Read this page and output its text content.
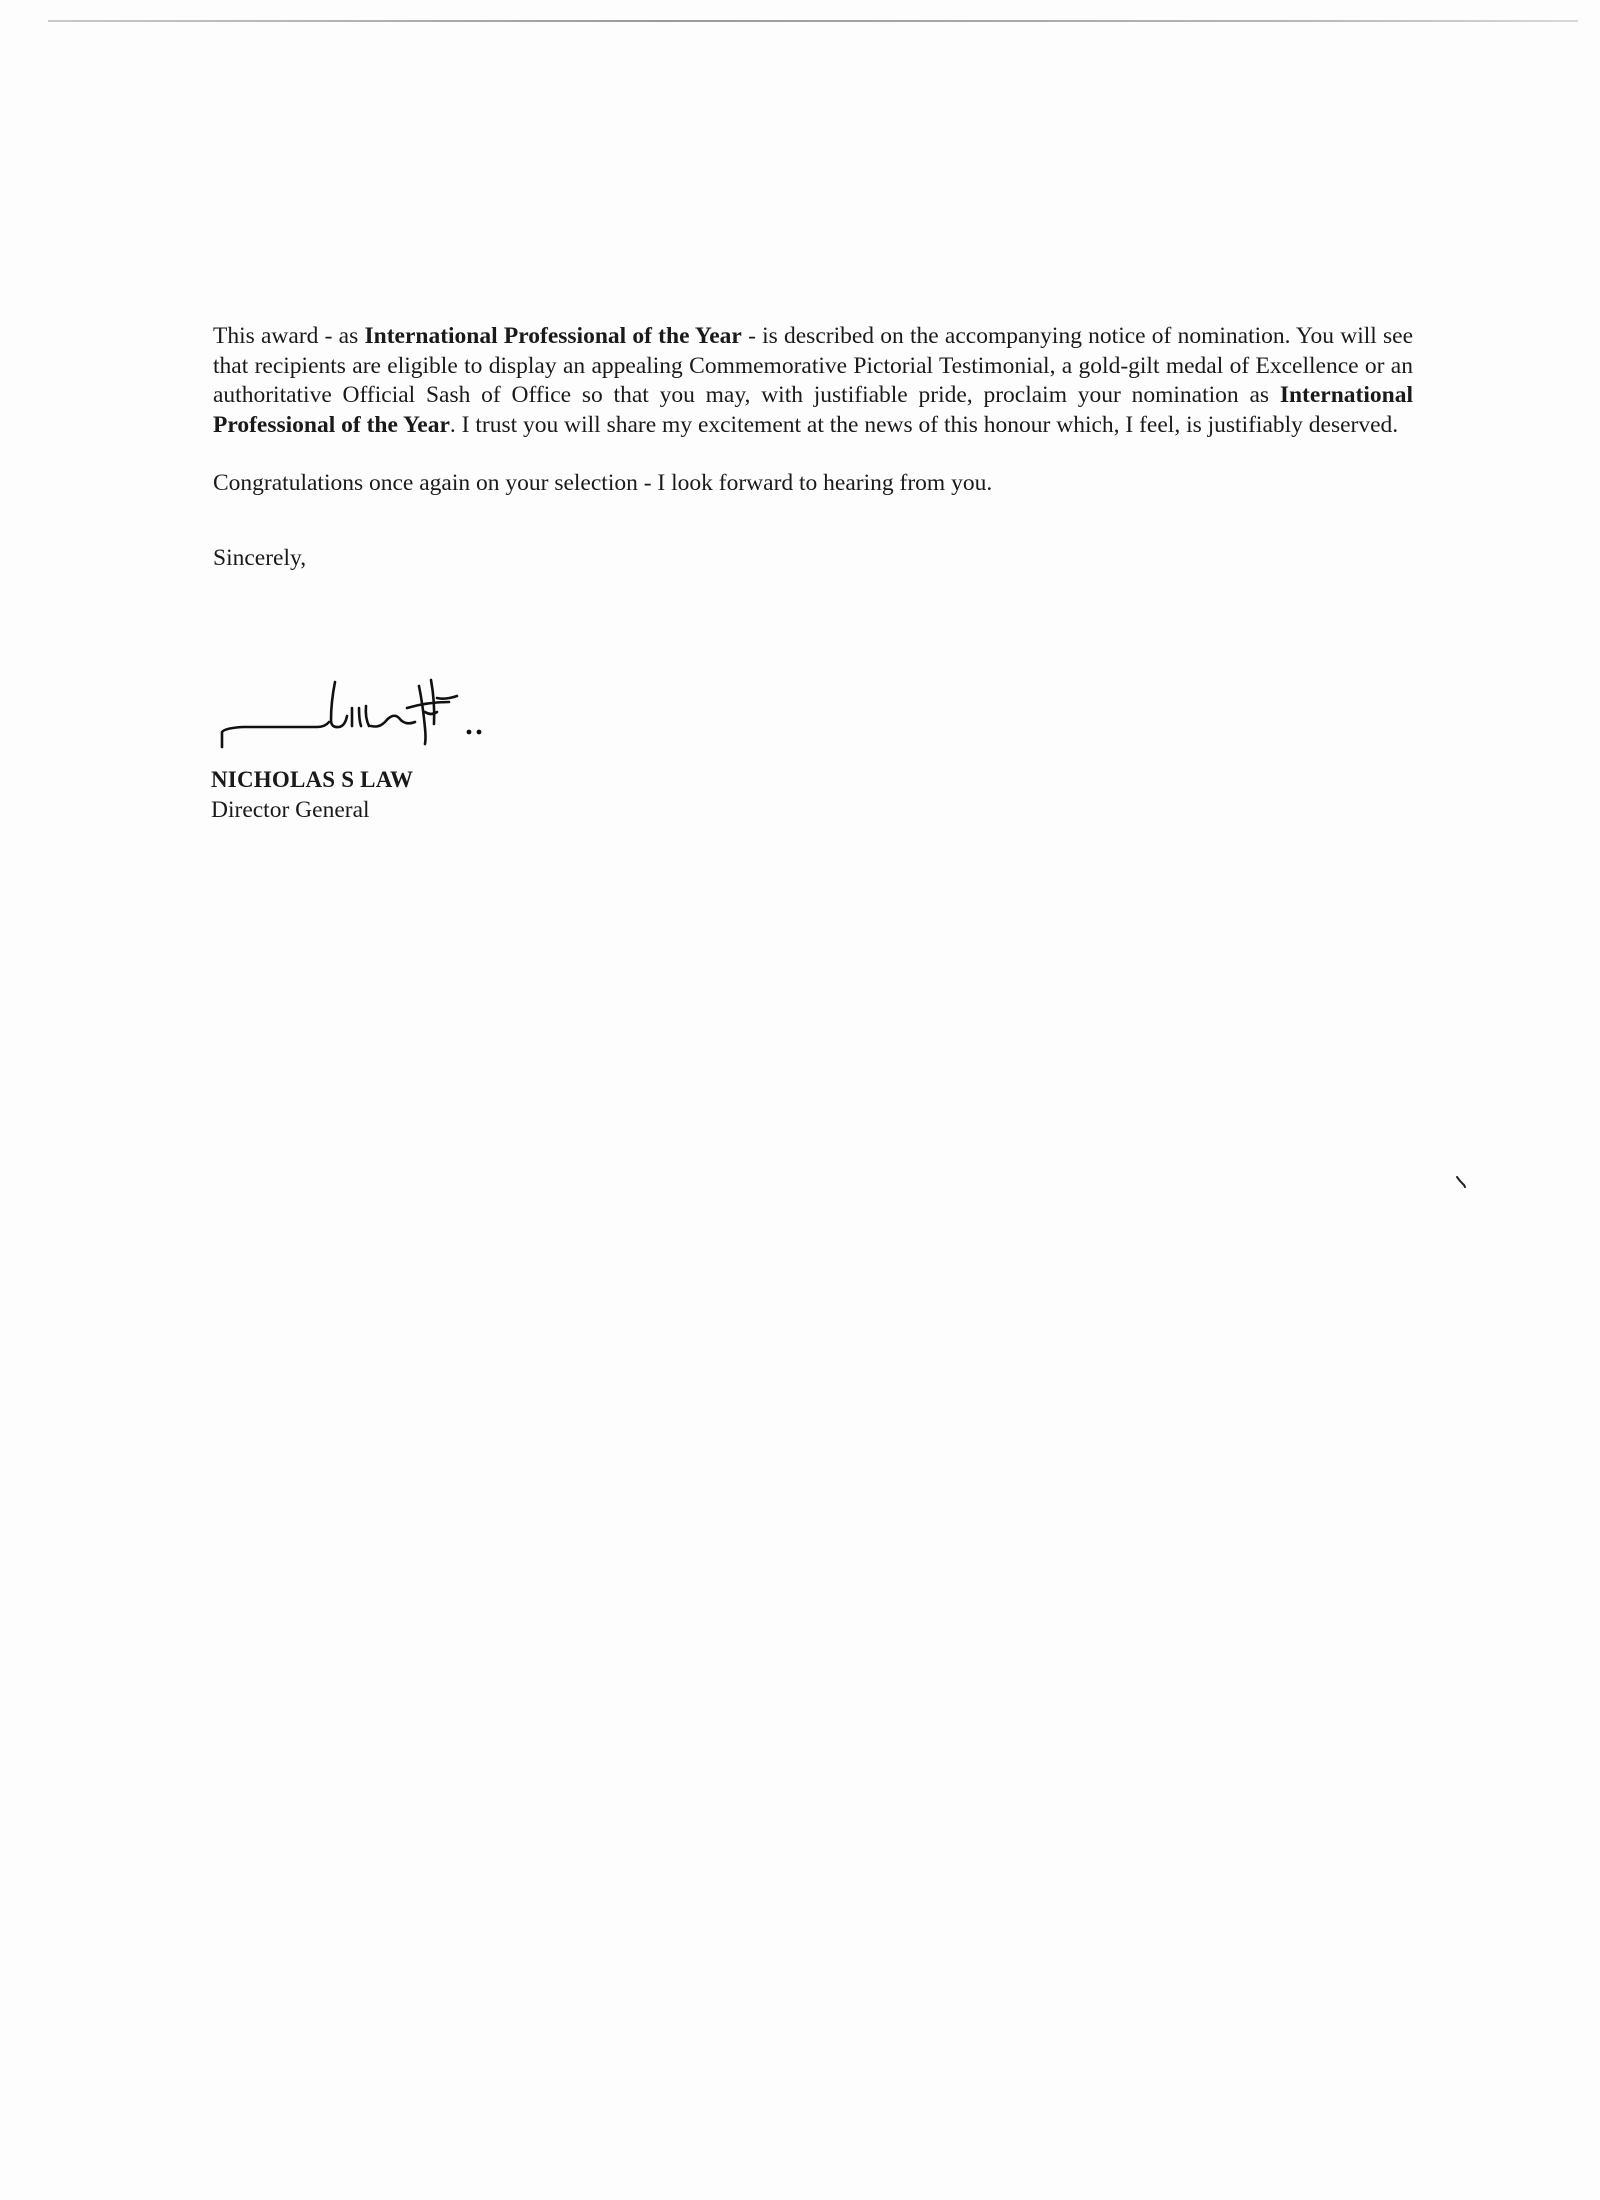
This award - as International Professional of the Year - is described on the accompanying notice of nomination. You will see that recipients are eligible to display an appealing Commemorative Pictorial Testimonial, a gold-gilt medal of Excellence or an authoritative Official Sash of Office so that you may, with justifiable pride, proclaim your nomination as International Professional of the Year. I trust you will share my excitement at the news of this honour which, I feel, is justifiably deserved.

Congratulations once again on your selection - I look forward to hearing from you.

Sincerely,

NICHOLAS S LAW
Director General
